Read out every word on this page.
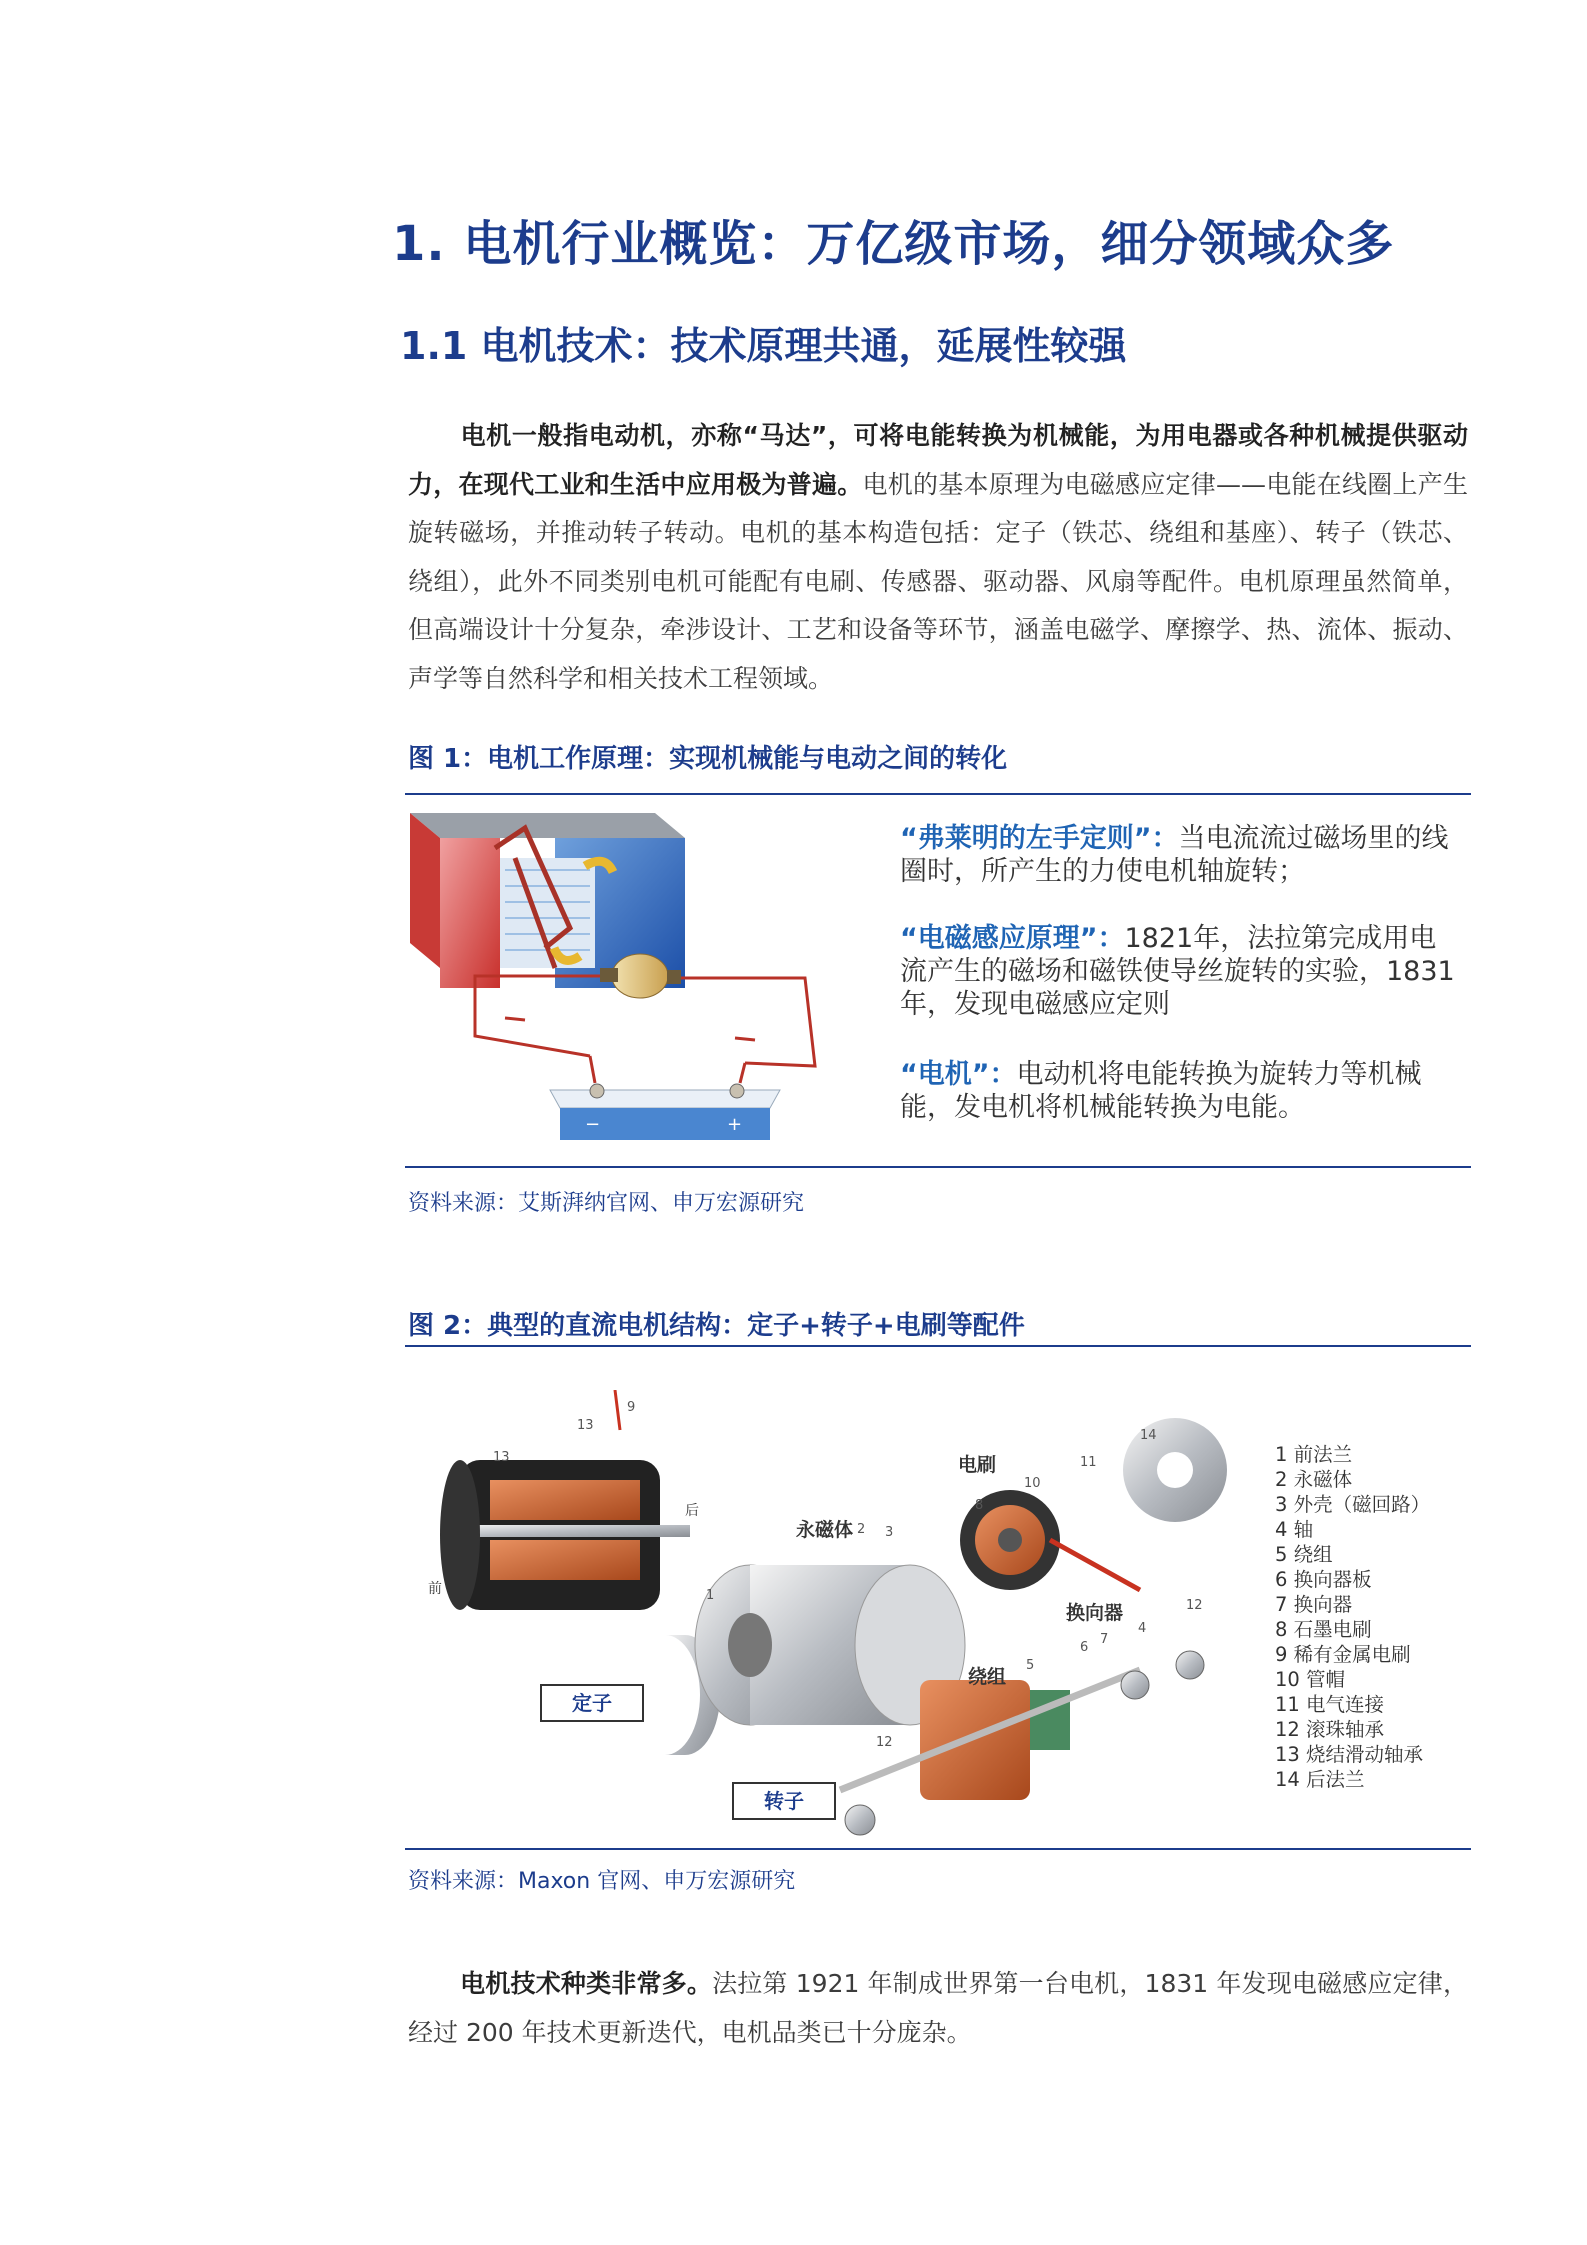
1. 电机行业概览：万亿级市场，细分领域众多
1.1 电机技术：技术原理共通，延展性较强
电机一般指电动机，亦称“马达”，可将电能转换为机械能，为用电器或各种机械提供驱动力，在现代工业和生活中应用极为普遍。电机的基本原理为电磁感应定律——电能在线圈上产生旋转磁场，并推动转子转动。电机的基本构造包括：定子（铁芯、绕组和基座）、转子（铁芯、绕组），此外不同类别电机可能配有电刷、传感器、驱动器、风扇等配件。电机原理虽然简单，但高端设计十分复杂，牵涉设计、工艺和设备等环节，涵盖电磁学、摩擦学、热、流体、振动、声学等自然科学和相关技术工程领域。
图 1：电机工作原理：实现机械能与电动之间的转化
−	+
“弗莱明的左手定则”：当电流流过磁场里的线圈时，所产生的力使电机轴旋转；
“电磁感应原理”：1821年，法拉第完成用电流产生的磁场和磁铁使导丝旋转的实验，1831年，发现电磁感应定则
“电机”：电动机将电能转换为旋转力等机械能，发电机将机械能转换为电能。
资料来源：艾斯湃纳官网、申万宏源研究
图 2：典型的直流电机结构：定子+转子+电刷等配件
前
后
永磁体
电刷
换向器
绕组
定子
转子
1
2 3
4
5
6
7
8
9
10
11
12
12
13
13
14
1 前法兰
2 永磁体
3 外壳（磁回路）
4 轴
5 绕组
6 换向器板
7 换向器
8 石墨电刷
9 稀有金属电刷
10 管帽
11 电气连接
12 滚珠轴承
13 烧结滑动轴承
14 后法兰
资料来源：Maxon 官网、申万宏源研究
电机技术种类非常多。法拉第 1921 年制成世界第一台电机，1831 年发现电磁感应定律，经过 200 年技术更新迭代，电机品类已十分庞杂。
